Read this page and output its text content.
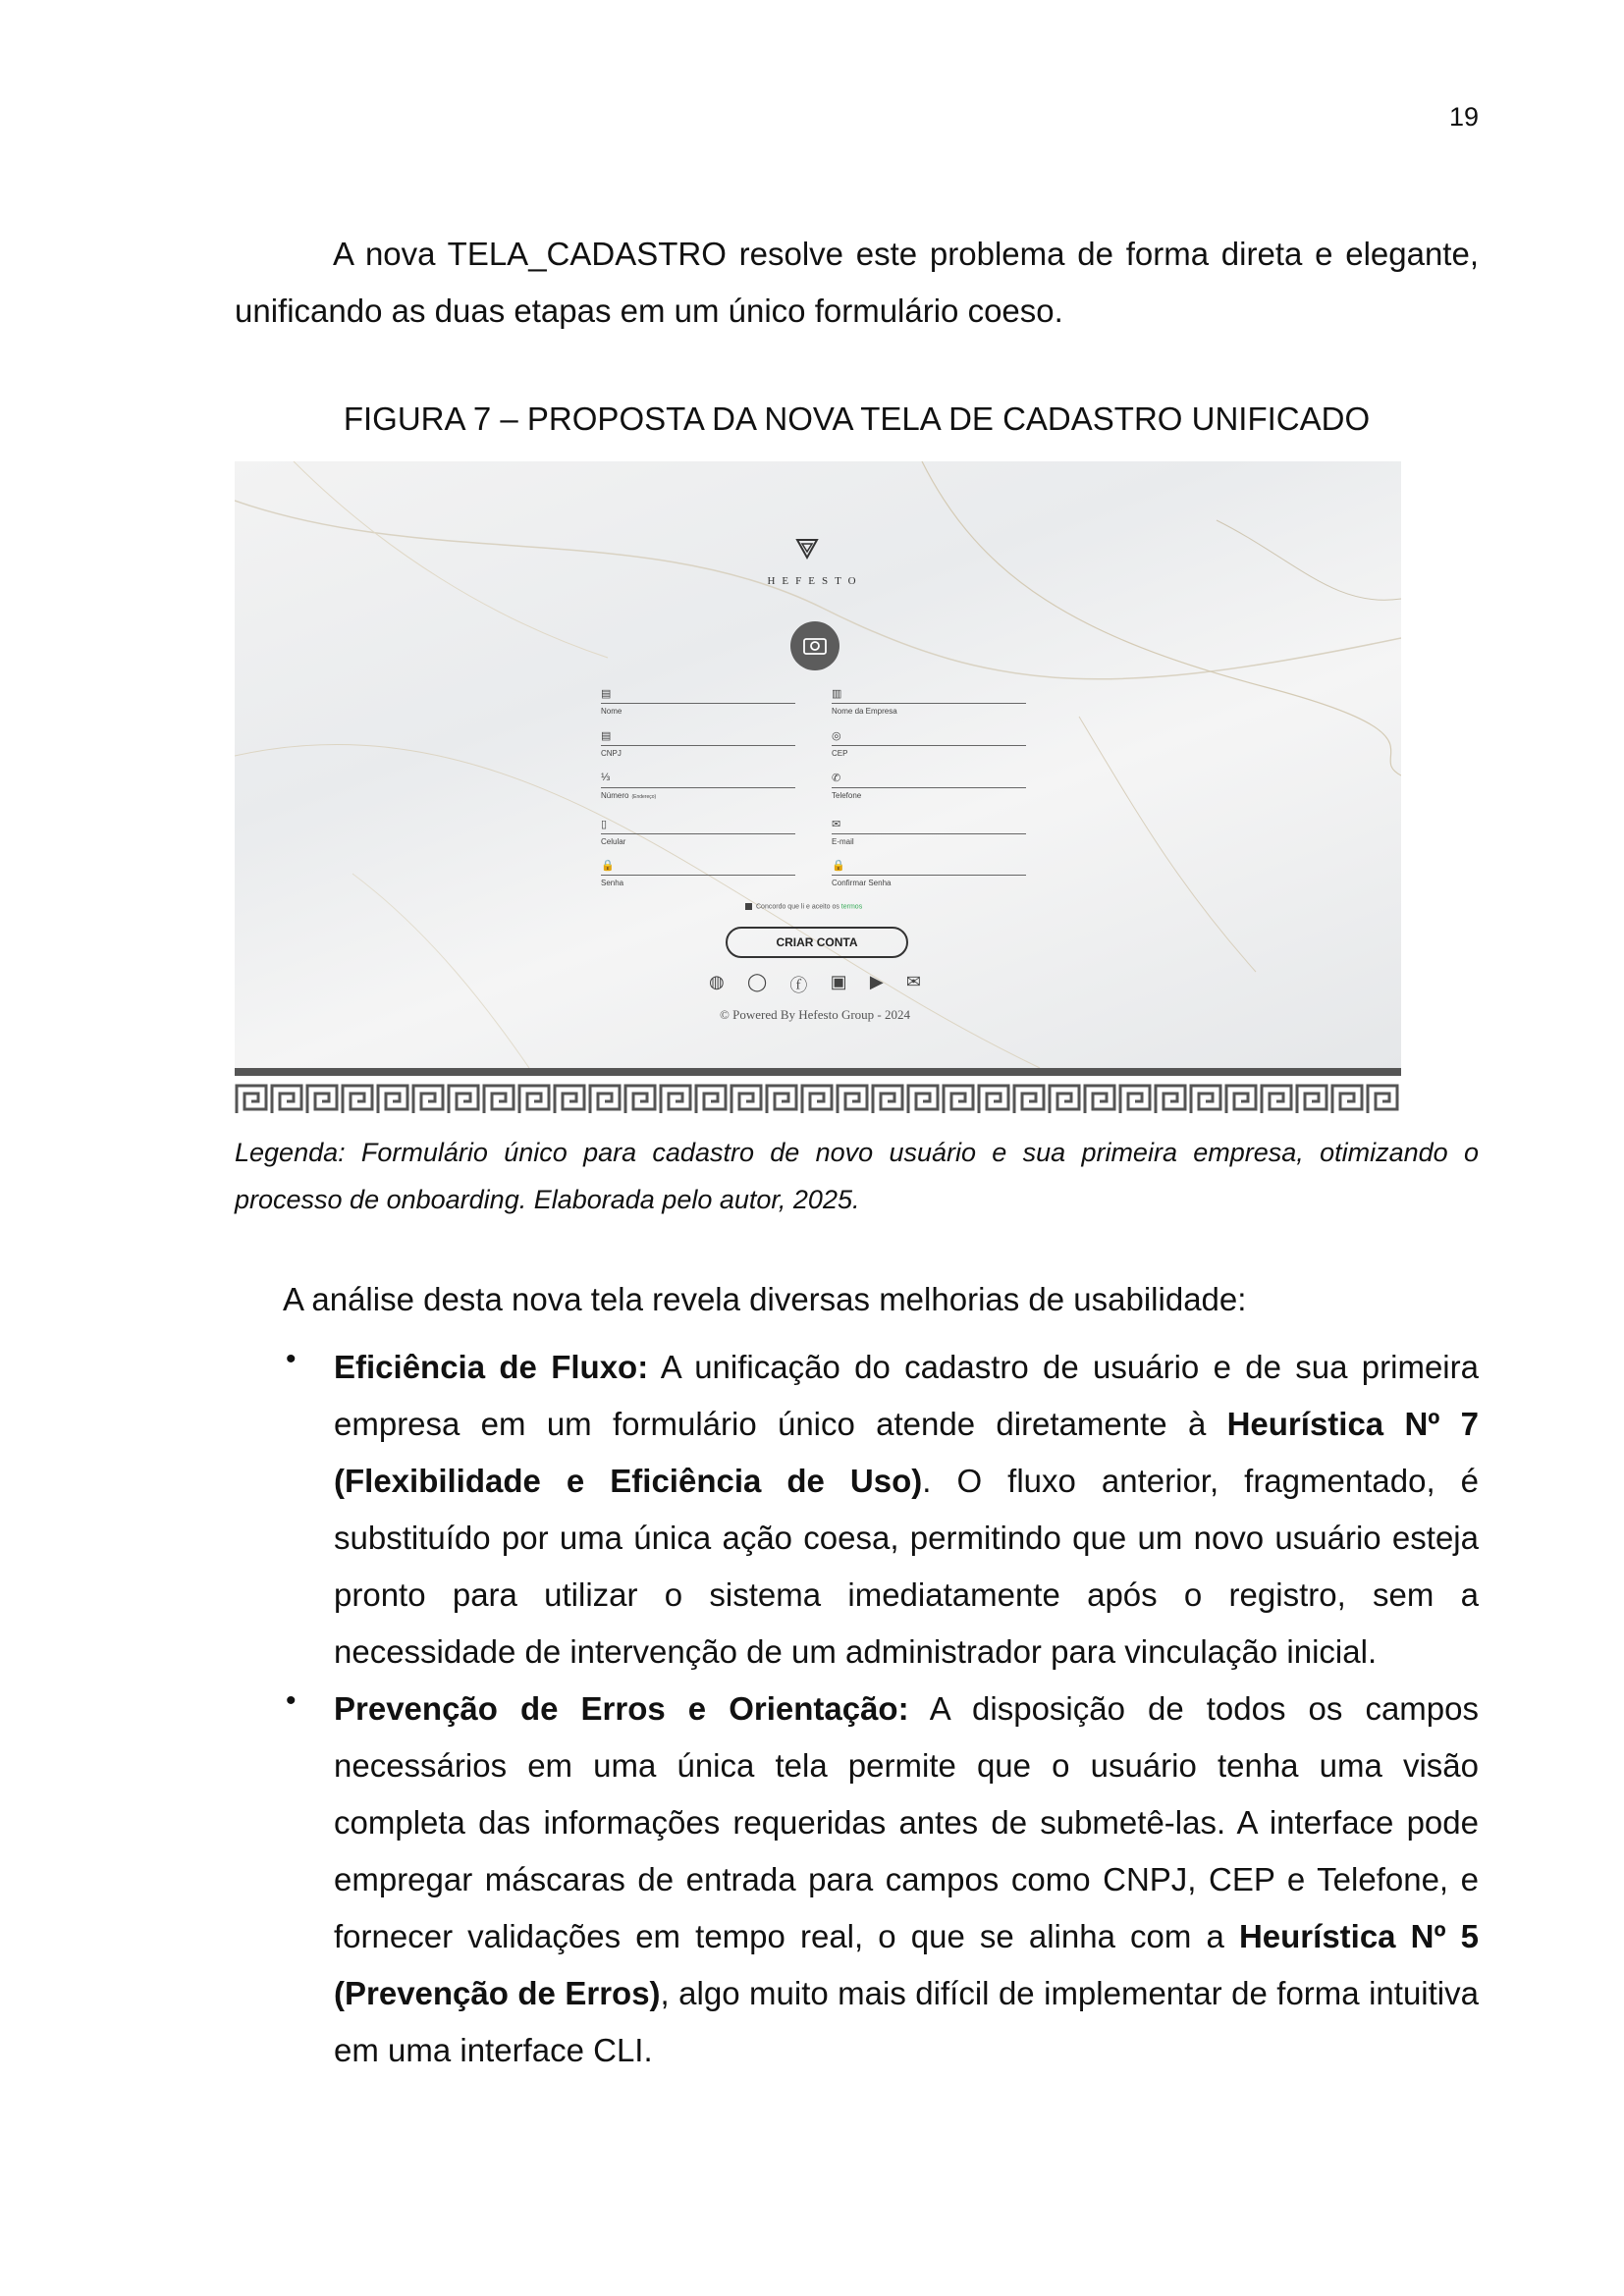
19
A nova TELA_CADASTRO resolve este problema de forma direta e elegante, unificando as duas etapas em um único formulário coeso.
FIGURA 7 – PROPOSTA DA NOVA TELA DE CADASTRO UNIFICADO
HEFESTO
▤
Nome
▤
CNPJ
⅓
Número (Endereço)
▯
Celular
🔒
Senha
▥
Nome da Empresa
◎
CEP
✆
Telefone
✉
E-mail
🔒
Confirmar Senha
Concordo que li e aceito os termos
CRIAR CONTA
◍ ◯ ⓕ ▣ ▶ ✉
© Powered By Hefesto Group - 2024
Legenda: Formulário único para cadastro de novo usuário e sua primeira empresa, otimizando o processo de onboarding. Elaborada pelo autor, 2025.
A análise desta nova tela revela diversas melhorias de usabilidade:
• Eficiência de Fluxo: A unificação do cadastro de usuário e de sua primeira empresa em um formulário único atende diretamente à Heurística Nº 7 (Flexibilidade e Eficiência de Uso). O fluxo anterior, fragmentado, é substituído por uma única ação coesa, permitindo que um novo usuário esteja pronto para utilizar o sistema imediatamente após o registro, sem a necessidade de intervenção de um administrador para vinculação inicial.
• Prevenção de Erros e Orientação: A disposição de todos os campos necessários em uma única tela permite que o usuário tenha uma visão completa das informações requeridas antes de submetê-las. A interface pode empregar máscaras de entrada para campos como CNPJ, CEP e Telefone, e fornecer validações em tempo real, o que se alinha com a Heurística Nº 5 (Prevenção de Erros), algo muito mais difícil de implementar de forma intuitiva em uma interface CLI.
